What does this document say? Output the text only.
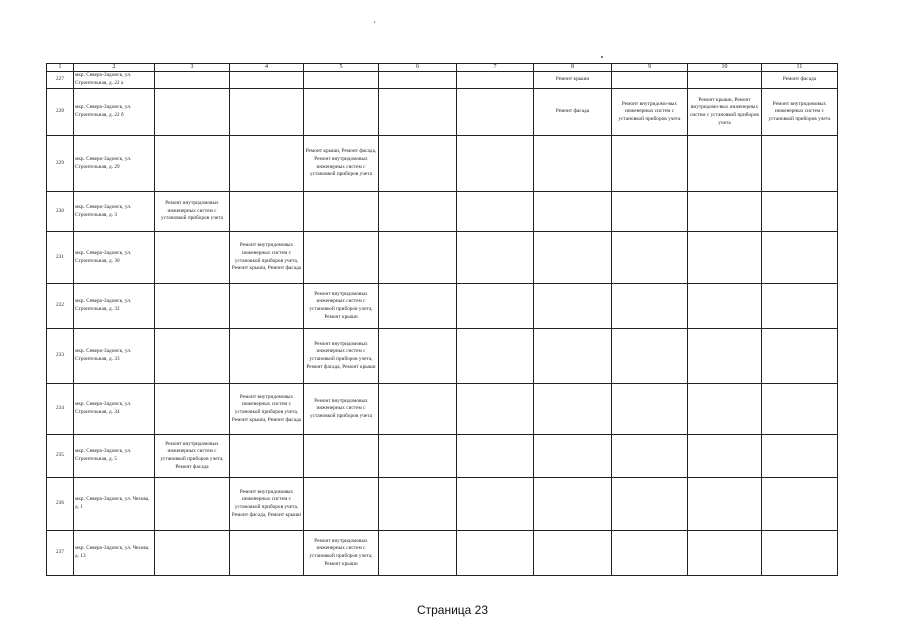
1	2	3	4	5	6	7	8	9	10	11
227	мкр. Северо-Задонск, ул. Строительная, д. 22 а						Ремонт крыши			Ремонт фасада
228	мкр. Северо-Задонск, ул. Строительная, д. 22 б						Ремонт фасада	Ремонт внутридомо-вых инженерных систем с установкой приборов учета	Ремонт крыши, Ремонт внутридомо-вых инженерных систем с установкой приборов учета	Ремонт внутридомовых инженерных систем с установкой приборов учета
229	мкр. Северо-Задонск, ул. Строительная, д. 29			Ремонт крыши, Ремонт фасада, Ремонт внутридомовых инженерных систем с установкой приборов учета						
230	мкр. Северо-Задонск, ул. Строительная, д. 3	Ремонт внутридомовых инженерных систем с установкой приборов учета								
231	мкр. Северо-Задонск, ул. Строительная, д. 30		Ремонт внутридомовых инженерных систем с установкой приборов учета, Ремонт крыши, Ремонт фасада							
232	мкр. Северо-Задонск, ул. Строительная, д. 32			Ремонт внутридомовых инженерных систем с установкой приборов учета, Ремонт крыши						
233	мкр. Северо-Задонск, ул. Строительная, д. 33			Ремонт внутридомовых инженерных систем с установкой приборов учета, Ремонт фасада, Ремонт крыши						
234	мкр. Северо-Задонск, ул. Строительная, д. 34		Ремонт внутридомовых инженерных систем с установкой приборов учета, Ремонт крыши, Ремонт фасада	Ремонт внутридомовых инженерных систем с установкой приборов учета						
235	мкр. Северо-Задонск, ул. Строительная, д. 5	Ремонт внутридомовых инженерных систем с установкой приборов учета, Ремонт фасада								
236	мкр. Северо-Задонск, ул. Чехова, д. 1		Ремонт внутридомовых инженерных систем с установкой приборов учета, Ремонт фасада, Ремонт крыши							
237	мкр. Северо-Задонск, ул. Чехова, д. 13			Ремонт внутридомовых инженерных систем с установкой приборов учета, Ремонт крыши						
Страница 23
